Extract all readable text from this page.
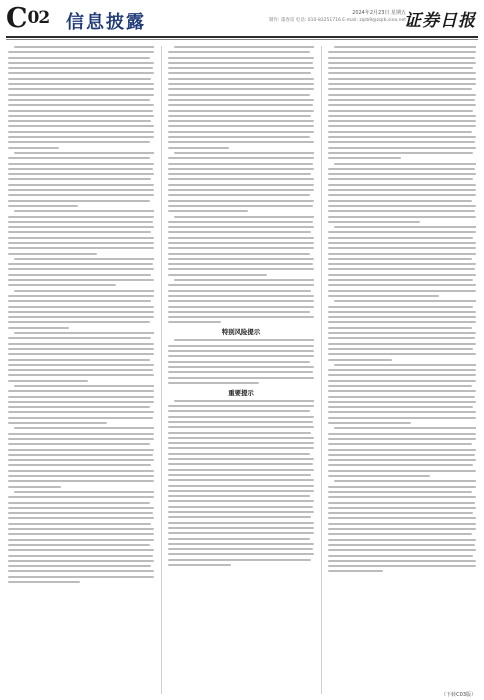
C02 信息披露	2024年2月23日 星期五
制作: 董春雷 电话: 010-83251716 E-mail: zqrb9@zqrb.sina.net
证券日报
特别风险提示
重要提示
（下转C03版）
